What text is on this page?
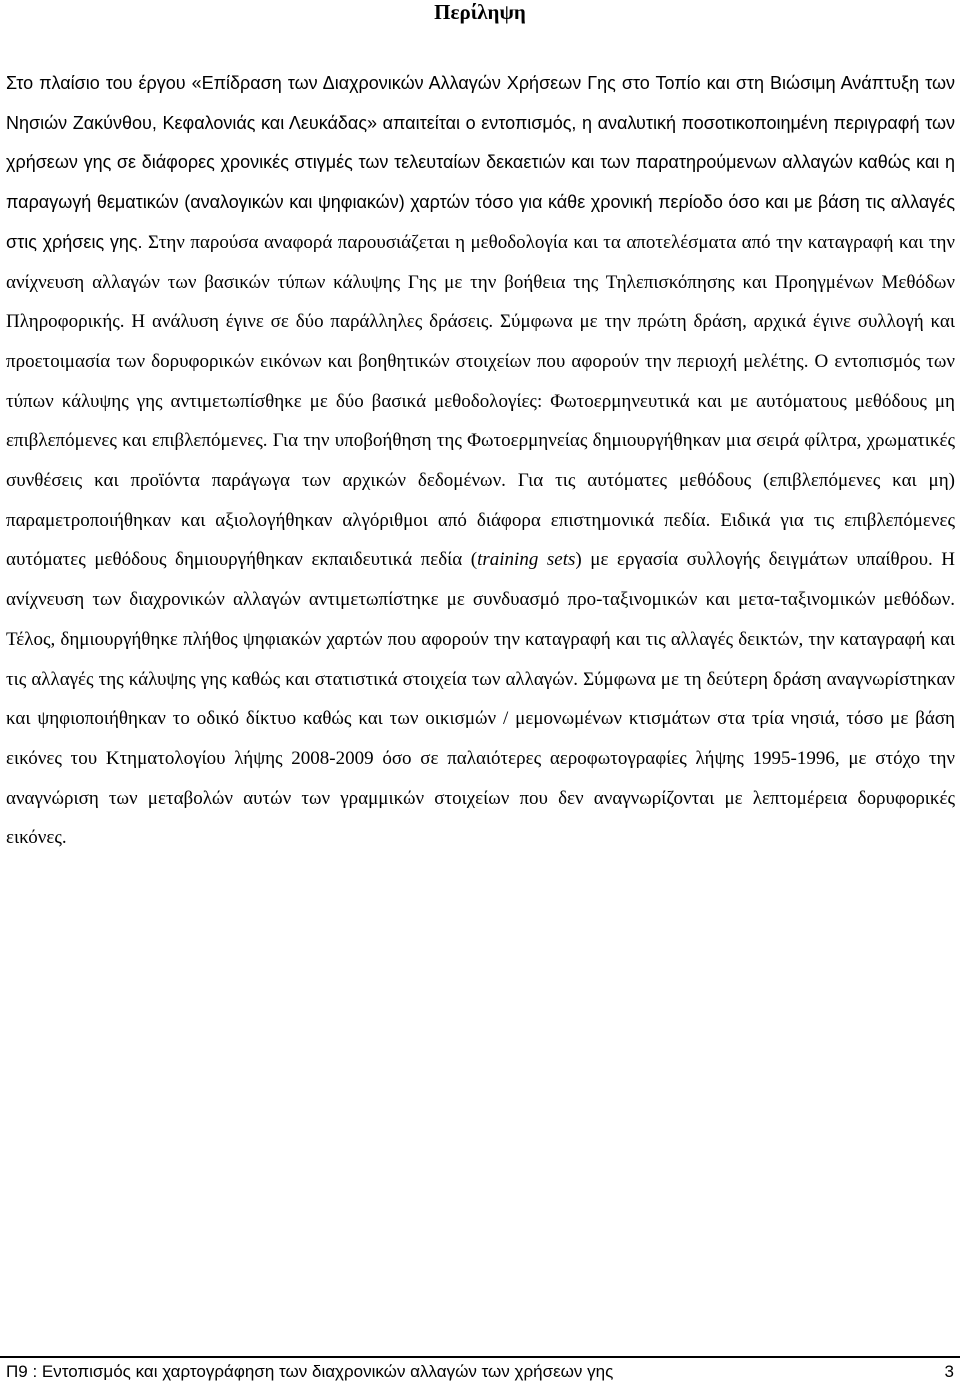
Περίληψη

Στο πλαίσιο του έργου «Επίδραση των Διαχρονικών Αλλαγών Χρήσεων Γης στο Τοπίο και στη Βιώσιμη Ανάπτυξη των Νησιών Ζακύνθου, Κεφαλονιάς και Λευκάδας» απαιτείται ο εντοπισμός, η αναλυτική ποσοτικοποιημένη περιγραφή των χρήσεων γης σε διάφορες χρονικές στιγμές των τελευταίων δεκαετιών και των παρατηρούμενων αλλαγών καθώς και η παραγωγή θεματικών (αναλογικών και ψηφιακών) χαρτών τόσο για κάθε χρονική περίοδο όσο και με βάση τις αλλαγές στις χρήσεις γης. Στην παρούσα αναφορά παρουσιάζεται η μεθοδολογία και τα αποτελέσματα από την καταγραφή και την ανίχνευση αλλαγών των βασικών τύπων κάλυψης Γης με την βοήθεια της Τηλεπισκόπησης και Προηγμένων Μεθόδων Πληροφορικής. Η ανάλυση έγινε σε δύο παράλληλες δράσεις. Σύμφωνα με την πρώτη δράση, αρχικά έγινε συλλογή και προετοιμασία των δορυφορικών εικόνων και βοηθητικών στοιχείων που αφορούν την περιοχή μελέτης. Ο εντοπισμός των τύπων κάλυψης γης αντιμετωπίσθηκε με δύο βασικά μεθοδολογίες: Φωτοερμηνευτικά και με αυτόματους μεθόδους μη επιβλεπόμενες και επιβλεπόμενες. Για την υποβοήθηση της Φωτοερμηνείας δημιουργήθηκαν μια σειρά φίλτρα, χρωματικές συνθέσεις και προϊόντα παράγωγα των αρχικών δεδομένων. Για τις αυτόματες μεθόδους (επιβλεπόμενες και μη) παραμετροποιήθηκαν και αξιολογήθηκαν αλγόριθμοι από διάφορα επιστημονικά πεδία. Ειδικά για τις επιβλεπόμενες αυτόματες μεθόδους δημιουργήθηκαν εκπαιδευτικά πεδία (training sets) με εργασία συλλογής δειγμάτων υπαίθρου. Η ανίχνευση των διαχρονικών αλλαγών αντιμετωπίστηκε με συνδυασμό προ-ταξινομικών και μετα-ταξινομικών μεθόδων. Τέλος, δημιουργήθηκε πλήθος ψηφιακών χαρτών που αφορούν την καταγραφή και τις αλλαγές δεικτών, την καταγραφή και τις αλλαγές της κάλυψης γης καθώς και στατιστικά στοιχεία των αλλαγών. Σύμφωνα με τη δεύτερη δράση αναγνωρίστηκαν και ψηφιοποιήθηκαν το οδικό δίκτυο καθώς και των οικισμών / μεμονωμένων κτισμάτων στα τρία νησιά, τόσο με βάση εικόνες του Κτηματολογίου λήψης 2008-2009 όσο σε παλαιότερες αεροφωτογραφίες λήψης 1995-1996, με στόχο την αναγνώριση των μεταβολών αυτών των γραμμικών στοιχείων που δεν αναγνωρίζονται με λεπτομέρεια δορυφορικές εικόνες.

Π9 : Εντοπισμός και χαρτογράφηση των διαχρονικών αλλαγών των χρήσεων γης	3
